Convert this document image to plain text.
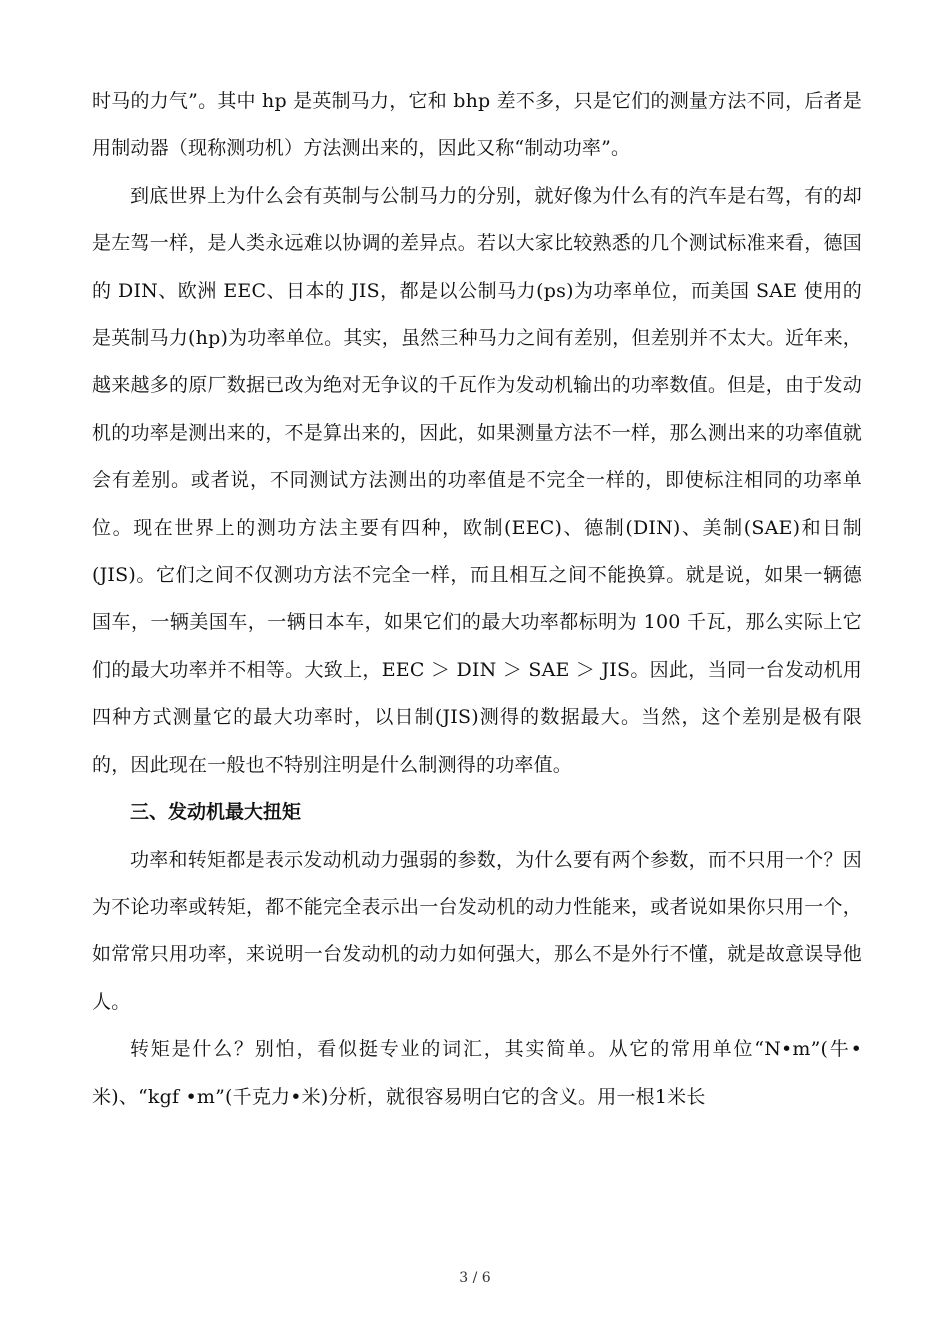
时马的力气”。其中 hp 是英制马力，它和 bhp 差不多，只是它们的测量方法不同，后者是用制动器（现称测功机）方法测出来的，因此又称“制动功率”。

到底世界上为什么会有英制与公制马力的分别，就好像为什么有的汽车是右驾，有的却是左驾一样，是人类永远难以协调的差异点。若以大家比较熟悉的几个测试标准来看，德国的 DIN、欧洲 EEC、日本的 JIS，都是以公制马力(ps)为功率单位，而美国 SAE 使用的是英制马力(hp)为功率单位。其实，虽然三种马力之间有差别，但差别并不太大。近年来，越来越多的原厂数据已改为绝对无争议的千瓦作为发动机输出的功率数值。但是，由于发动机的功率是测出来的，不是算出来的，因此，如果测量方法不一样，那么测出来的功率值就会有差别。或者说，不同测试方法测出的功率值是不完全一样的，即使标注相同的功率单位。现在世界上的测功方法主要有四种，欧制(EEC)、德制(DIN)、美制(SAE)和日制(JIS)。它们之间不仅测功方法不完全一样，而且相互之间不能换算。就是说，如果一辆德国车，一辆美国车，一辆日本车，如果它们的最大功率都标明为 100 千瓦，那么实际上它们的最大功率并不相等。大致上，EEC ＞ DIN ＞ SAE ＞ JIS。因此，当同一台发动机用四种方式测量它的最大功率时，以日制(JIS)测得的数据最大。当然，这个差别是极有限的，因此现在一般也不特别注明是什么制测得的功率值。

三、发动机最大扭矩

功率和转矩都是表示发动机动力强弱的参数，为什么要有两个参数，而不只用一个？因为不论功率或转矩，都不能完全表示出一台发动机的动力性能来，或者说如果你只用一个，如常常只用功率，来说明一台发动机的动力如何强大，那么不是外行不懂，就是故意误导他人。

转矩是什么？别怕，看似挺专业的词汇，其实简单。从它的常用单位“N•m”(牛•米)、“kgf •m”(千克力•米)分析，就很容易明白它的含义。用一根1米长

3 / 6
